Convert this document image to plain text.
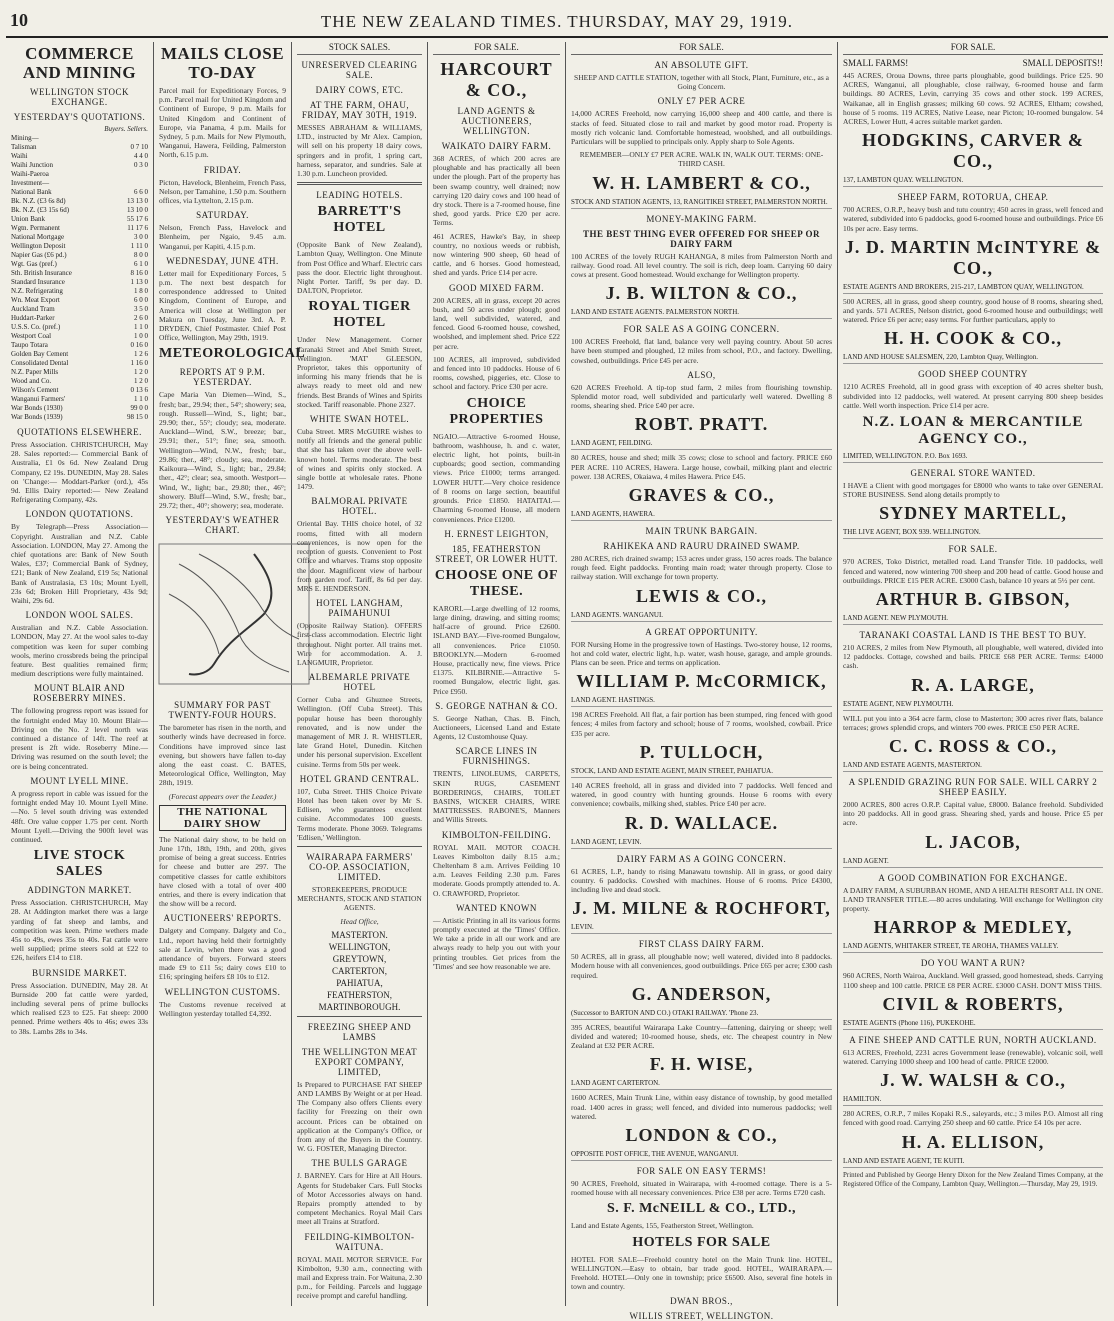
10	THE NEW ZEALAND TIMES. THURSDAY, MAY 29, 1919.
COMMERCE AND MINING
WELLINGTON STOCK EXCHANGE.
YESTERDAY'S QUOTATIONS.
Buyers. Sellers.
Mining—
Talisman	0 7 10
Waihi	4 4 0
Waihi Junction	0 3 0
Waihi-Paeroa
Investment—
National Bank	6 6 0
Bk. N.Z. (£3 6s 8d)	13 13 0
Bk. N.Z. (£3 15s 6d)	13 10 0
Union Bank	55 17 6
Wgtn. Permanent	11 17 6
National Mortgage	3 0 0
Wellington Deposit	1 11 0
Napier Gas (£6 pd.)	8 0 0
Wgt. Gas (pref.)	6 1 0
Sth. British Insurance	8 16 0
Standard Insurance	1 13 0
N.Z. Refrigerating	1 8 0
Wn. Meat Export	6 0 0
Auckland Tram	3 5 0
Huddart-Parker	2 6 0
U.S.S. Co. (pref.)	1 1 0
Westport Coal	1 0 0
Taupo Totara	0 16 0
Golden Bay Cement	1 2 6
Consolidated Dental	1 16 0
N.Z. Paper Mills	1 2 0
Wood and Co.	1 2 0
Wilson's Cement	0 13 6
Wanganui Farmers'	1 1 0
War Bonds (1930)	99 0 0
War Bonds (1939)	98 15 0
QUOTATIONS ELSEWHERE.

Press Association. CHRISTCHURCH, May 28. Sales reported:— Commercial Bank of Australia, £1 0s 6d. New Zealand Drug Company, £2 19s. DUNEDIN, May 28. Sales on 'Change:— Moddart-Parker (ord.), 45s 9d. Ellis Dairy reported:— New Zealand Refrigerating Company, 42s.

LONDON QUOTATIONS.

By Telegraph—Press Association—Copyright. Australian and N.Z. Cable Association. LONDON, May 27. Among the chief quotations are: Bank of New South Wales, £37; Commercial Bank of Sydney, £21; Bank of New Zealand, £19 5s; National Bank of Australasia, £3 10s; Mount Lyell, 23s 6d; Broken Hill Proprietary, 43s 9d; Waihi, 29s 6d.

LONDON WOOL SALES.

Australian and N.Z. Cable Association. LONDON, May 27. At the wool sales to-day competition was keen for super combing wools, merino crossbreds being the principal feature. Best qualities remained firm; medium descriptions were fully maintained.

MOUNT BLAIR AND ROSEBERRY MINES.

The following progress report was issued for the fortnight ended May 10. Mount Blair—Driving on the No. 2 level north was continued a distance of 14ft. The reef at present is 2ft wide. Roseberry Mine.—Driving was resumed on the south level; the ore is being concentrated.

MOUNT LYELL MINE.

A progress report in cable was issued for the fortnight ended May 10. Mount Lyell Mine.—No. 5 level south driving was extended 48ft. Ore value copper 1.75 per cent. North Mount Lyell.—Driving the 900ft level was continued.

LIVE STOCK SALES
ADDINGTON MARKET.

Press Association. CHRISTCHURCH, May 28. At Addington market there was a large yarding of fat sheep and lambs, and competition was keen. Prime wethers made 45s to 49s, ewes 35s to 40s. Fat cattle were well supplied; prime steers sold at £22 to £26, heifers £14 to £18.

BURNSIDE MARKET.

Press Association. DUNEDIN, May 28. At Burnside 200 fat cattle were yarded, including several pens of prime bullocks which realised £23 to £25. Fat sheep: 2000 penned. Prime wethers 40s to 46s; ewes 33s to 38s. Lambs 28s to 34s.

MAILS CLOSE TO-DAY

Parcel mail for Expeditionary Forces, 9 p.m. Parcel mail for United Kingdom and Continent of Europe, 9 p.m. Mails for United Kingdom and Continent of Europe, via Panama, 4 p.m. Mails for Sydney, 5 p.m. Mails for New Plymouth, Wanganui, Hawera, Feilding, Palmerston North, 6.15 p.m.

FRIDAY.

Picton, Havelock, Blenheim, French Pass, Nelson, per Tamahine, 1.50 p.m. Southern offices, via Lyttelton, 2.15 p.m.

SATURDAY.

Nelson, French Pass, Havelock and Blenheim, per Ngaio, 9.45 a.m. Wanganui, per Kapiti, 4.15 p.m.

WEDNESDAY, JUNE 4TH.

Letter mail for Expeditionary Forces, 5 p.m. The next best despatch for correspondence addressed to United Kingdom, Continent of Europe, and America will close at Wellington per Makura on Tuesday, June 3rd. A. P. DRYDEN, Chief Postmaster. Chief Post Office, Wellington, May 29th, 1919.

METEOROLOGICAL
REPORTS AT 9 P.M. YESTERDAY.

Cape Maria Van Diemen—Wind, S., fresh; bar., 29.94; ther., 54°; showery; sea, rough. Russell—Wind, S., light; bar., 29.90; ther., 55°; cloudy; sea, moderate. Auckland—Wind, S.W., breeze; bar., 29.91; ther., 51°; fine; sea, smooth. Wellington—Wind, N.W., fresh; bar., 29.86; ther., 48°; cloudy; sea, moderate. Kaikoura—Wind, S., light; bar., 29.84; ther., 42°; clear; sea, smooth. Westport—Wind, W., light; bar., 29.80; ther., 46°; showery. Bluff—Wind, S.W., fresh; bar., 29.72; ther., 40°; showery; sea, moderate.

YESTERDAY'S WEATHER CHART.
SUMMARY FOR PAST TWENTY-FOUR HOURS.

The barometer has risen in the north, and southerly winds have decreased in force. Conditions have improved since last evening, but showers have fallen to-day along the east coast. C. BATES, Meteorological Office, Wellington, May 28th, 1919.

(Forecast appears over the Leader.)

THE NATIONAL DAIRY SHOW

The National dairy show, to be held on June 17th, 18th, 19th, and 20th, gives promise of being a great success. Entries for cheese and butter are 297. The competitive classes for cattle exhibitors have closed with a total of over 400 entries, and there is every indication that the show will be a record.

AUCTIONEERS' REPORTS.

Dalgety and Company. Dalgety and Co., Ltd., report having held their fortnightly sale at Levin, when there was a good attendance of buyers. Forward steers made £9 to £11 5s; dairy cows £10 to £16; springing heifers £8 10s to £12.

WELLINGTON CUSTOMS.

The Customs revenue received at Wellington yesterday totalled £4,392.

STOCK SALES.
UNRESERVED CLEARING SALE.
DAIRY COWS, ETC.
AT THE FARM, OHAU, FRIDAY, MAY 30TH, 1919.

MESSES ABRAHAM & WILLIAMS, LTD., instructed by Mr Alex. Campion, will sell on his property 18 dairy cows, springers and in profit, 1 spring cart, harness, separator, and sundries. Sale at 1.30 p.m. Luncheon provided.

LEADING HOTELS.
BARRETT'S HOTEL

(Opposite Bank of New Zealand), Lambton Quay, Wellington. One Minute from Post Office and Wharf. Electric cars pass the door. Electric light throughout. Night Porter. Tariff, 9s per day. D. DALTON, Proprietor.

ROYAL TIGER HOTEL

Under New Management. Corner Taranaki Street and Abel Smith Street, Wellington. 'MAT' GLEESON, Proprietor, takes this opportunity of informing his many friends that he is always ready to meet old and new friends. Best Brands of Wines and Spirits stocked. Tariff reasonable. Phone 2327.

WHITE SWAN HOTEL.

Cuba Street. MRS McGUIRE wishes to notify all friends and the general public that she has taken over the above well-known hotel. Terms moderate. The best of wines and spirits only stocked. A single bottle at wholesale rates. Phone 1479.

BALMORAL PRIVATE HOTEL.

Oriental Bay. THIS choice hotel, of 32 rooms, fitted with all modern conveniences, is now open for the reception of guests. Convenient to Post Office and wharves. Trams stop opposite the door. Magnificent view of harbour from garden roof. Tariff, 8s 6d per day. MRS E. HENDERSON.

HOTEL LANGHAM, PAIMAHUNUI

(Opposite Railway Station). OFFERS first-class accommodation. Electric light throughout. Night porter. All trains met. Wire for accommodation. A. J. LANGMUIR, Proprietor.

ALBEMARLE PRIVATE HOTEL

Corner Cuba and Ghuznee Streets, Wellington. (Off Cuba Street). This popular house has been thoroughly renovated, and is now under the management of MR J. R. WHISTLER, late Grand Hotel, Dunedin. Kitchen under his personal supervision. Excellent cuisine. Terms from 50s per week.

HOTEL GRAND CENTRAL.

107, Cuba Street. THIS Choice Private Hotel has been taken over by Mr S. Edlisen, who guarantees excellent cuisine. Accommodates 100 guests. Terms moderate. Phone 3069. Telegrams 'Edlisen,' Wellington.

WAIRARAPA FARMERS' CO-OP. ASSOCIATION, LIMITED.

STOREKEEPERS, PRODUCE MERCHANTS, STOCK AND STATION AGENTS.

Head Office,

MASTERTON.
WELLINGTON,
GREYTOWN,
CARTERTON,
PAHIATUA,
FEATHERSTON,
MARTINBOROUGH.
FREEZING SHEEP AND LAMBS
THE WELLINGTON MEAT EXPORT COMPANY, LIMITED,

Is Prepared to PURCHASE FAT SHEEP AND LAMBS By Weight or at per Head. The Company also offers Clients every facility for Freezing on their own account. Prices can be obtained on application at the Company's Office, or from any of the Buyers in the Country. W. G. FOSTER, Managing Director.

THE BULLS GARAGE

J. BARNEY. Cars for Hire at All Hours. Agents for Studebaker Cars. Full Stocks of Motor Accessories always on hand. Repairs promptly attended to by competent Mechanics. Royal Mail Cars meet all Trains at Stratford.

FEILDING-KIMBOLTON-WAITUNA.

ROYAL MAIL MOTOR SERVICE. For Kimbolton, 9.30 a.m., connecting with mail and Express train. For Waituna, 2.30 p.m., for Feilding. Parcels and luggage receive prompt and careful handling.

FOR SALE.
HARCOURT & CO.,
LAND AGENTS & AUCTIONEERS, WELLINGTON.
WAIKATO DAIRY FARM.

368 ACRES, of which 200 acres are ploughable and has practically all been under the plough. Part of the property has been swamp country, well drained; now carrying 120 dairy cows and 100 head of dry stock. There is a 7-roomed house, fine shed, good yards. Price £20 per acre. Terms.

461 ACRES, Hawke's Bay, in sheep country, no noxious weeds or rubbish, now wintering 900 sheep, 60 head of cattle, and 6 horses. Good homestead, shed and yards. Price £14 per acre.

GOOD MIXED FARM.

200 ACRES, all in grass, except 20 acres bush, and 50 acres under plough; good land, well subdivided, watered, and fenced. Good 6-roomed house, cowshed, woolshed, and implement shed. Price £22 per acre.

100 ACRES, all improved, subdivided and fenced into 10 paddocks. House of 6 rooms, cowshed, piggeries, etc. Close to school and factory. Price £30 per acre.

CHOICE PROPERTIES

NGAIO.—Attractive 6-roomed House, bathroom, washhouse, h. and c. water, electric light, hot points, built-in cupboards; good section, commanding views. Price £1000; terms arranged. LOWER HUTT.—Very choice residence of 8 rooms on large section, beautiful grounds. Price £1850. HATAITAI.—Charming 6-roomed House, all modern conveniences. Price £1200.

H. ERNEST LEIGHTON,
185, FEATHERSTON STREET, OR LOWER HUTT.
CHOOSE ONE OF THESE.

KARORI.—Large dwelling of 12 rooms, large dining, drawing, and sitting rooms; half-acre of ground. Price £2600. ISLAND BAY.—Five-roomed Bungalow, all conveniences. Price £1050. BROOKLYN.—Modern 6-roomed House, practically new, fine views. Price £1375. KILBIRNIE.—Attractive 5-roomed Bungalow, electric light, gas. Price £950.

S. GEORGE NATHAN & CO.

S. George Nathan, Chas. B. Finch, Auctioneers, Licensed Land and Estate Agents, 12 Customhouse Quay.

SCARCE LINES IN FURNISHINGS.

TRENTS, LINOLEUMS, CARPETS, SKIN RUGS, CASEMENT BORDERINGS, CHAIRS, TOILET BASINS, WICKER CHAIRS, WIRE MATTRESSES. RABONE'S, Manners and Willis Streets.

KIMBOLTON-FEILDING.

ROYAL MAIL MOTOR COACH. Leaves Kimbolton daily 8.15 a.m.; Cheltenham 8 a.m. Arrives Feilding 10 a.m. Leaves Feilding 2.30 p.m. Fares moderate. Goods promptly attended to. A. O. CRAWFORD, Proprietor.

WANTED KNOWN

— Artistic Printing in all its various forms promptly executed at the 'Times' Office. We take a pride in all our work and are always ready to help you out with your printing troubles. Get prices from the 'Times' and see how reasonable we are.

FOR SALE.
AN ABSOLUTE GIFT.

SHEEP AND CATTLE STATION, together with all Stock, Plant, Furniture, etc., as a Going Concern.

ONLY £7 PER ACRE

14,000 ACRES Freehold, now carrying 16,000 sheep and 400 cattle, and there is stacks of feed. Situated close to rail and market by good motor road. Property is mostly rich volcanic land. Comfortable homestead, woolshed, and all outbuildings. Particulars will be supplied to principals only. Apply sharp to Sole Agents.

REMEMBER—ONLY £7 PER ACRE. WALK IN, WALK OUT. TERMS: ONE-THIRD CASH.

W. H. LAMBERT & CO.,
STOCK AND STATION AGENTS, 13, RANGITIKEI STREET, PALMERSTON NORTH.
MONEY-MAKING FARM.
THE BEST THING EVER OFFERED FOR SHEEP OR DAIRY FARM

100 ACRES of the lovely RUGH KAHANGA, 8 miles from Palmerston North and railway. Good road. All level country. The soil is rich, deep loam. Carrying 60 dairy cows at present. Good homestead. Would exchange for Wellington property.

J. B. WILTON & CO.,
LAND AND ESTATE AGENTS. PALMERSTON NORTH.
FOR SALE AS A GOING CONCERN.

100 ACRES Freehold, flat land, balance very well paying country. About 50 acres have been stumped and ploughed, 12 miles from school, P.O., and factory. Dwelling, cowshed, outbuildings. Price £45 per acre.

ALSO,

620 ACRES Freehold. A tip-top stud farm, 2 miles from flourishing township. Splendid motor road, well subdivided and particularly well watered. Dwelling 8 rooms, shearing shed. Price £40 per acre.

ROBT. PRATT.
LAND AGENT, FEILDING.

80 ACRES, house and shed; milk 35 cows; close to school and factory. PRICE £60 PER ACRE. 110 ACRES, Hawera. Large house, cowbail, milking plant and electric power. 138 ACRES, Okaiawa, 4 miles Hawera. Price £45.

GRAVES & CO.,
LAND AGENTS, HAWERA.
MAIN TRUNK BARGAIN.
RAHIKEKA AND RAURU DRAINED SWAMP.

280 ACRES, rich drained swamp; 153 acres under grass, 150 acres roads. The balance rough feed. Eight paddocks. Fronting main road; water through property. Close to railway station. Will exchange for town property.

LEWIS & CO.,
LAND AGENTS. WANGANUI.
A GREAT OPPORTUNITY.

FOR Nursing Home in the progressive town of Hastings. Two-storey house, 12 rooms, hot and cold water, electric light, h.p. water, wash house, garage, and ample grounds. Plans can be seen. Price and terms on application.

WILLIAM P. McCORMICK,
LAND AGENT. HASTINGS.

198 ACRES Freehold. All flat, a fair portion has been stumped, ring fenced with good fences; 4 miles from factory and school; house of 7 rooms, woolshed, cowbail. Price £35 per acre.

P. TULLOCH,
STOCK, LAND AND ESTATE AGENT, MAIN STREET, PAHIATUA.

140 ACRES freehold, all in grass and divided into 7 paddocks. Well fenced and watered, in good country with hunting grounds. House 6 rooms with every convenience; cowbails, milking shed, stables. Price £40 per acre.

R. D. WALLACE.
LAND AGENT, LEVIN.
DAIRY FARM AS A GOING CONCERN.

61 ACRES, L.P., handy to rising Manawatu township. All in grass, or good dairy country. 6 paddocks. Cowshed with machines. House of 6 rooms. Price £4300, including live and dead stock.

J. M. MILNE & ROCHFORT,
LEVIN.
FIRST CLASS DAIRY FARM.

50 ACRES, all in grass, all ploughable now; well watered, divided into 8 paddocks. Modern house with all conveniences, good outbuildings. Price £65 per acre; £300 cash required.

G. ANDERSON,
(Successor to BARTON AND CO.) OTAKI RAILWAY. 'Phone 23.

395 ACRES, beautiful Wairarapa Lake Country—fattening, dairying or sheep; well divided and watered; 10-roomed house, sheds, etc. The cheapest country in New Zealand at £32 PER ACRE.

F. H. WISE,
LAND AGENT CARTERTON.

1600 ACRES, Main Trunk Line, within easy distance of township, by good metalled road. 1400 acres in grass; well fenced, and divided into numerous paddocks; well watered.

LONDON & CO.,
OPPOSITE POST OFFICE, THE AVENUE, WANGANUI.
FOR SALE ON EASY TERMS!

90 ACRES, Freehold, situated in Wairarapa, with 4-roomed cottage. There is a 5-roomed house with all necessary conveniences. Price £38 per acre. Terms £720 cash.

S. F. McNEILL & CO., LTD.,

Land and Estate Agents, 155, Featherston Street, Wellington.

HOTELS FOR SALE

HOTEL FOR SALE—Freehold country hotel on the Main Trunk line. HOTEL, WELLINGTON.—Easy to obtain, bar trade good. HOTEL, WAIRARAPA.—Freehold. HOTEL—Only one in township; price £6500. Also, several fine hotels in town and country.

DWAN BROS.,
WILLIS STREET, WELLINGTON.
FOR SALE.
SMALL FARMS!	SMALL DEPOSITS!!

445 ACRES, Oroua Downs, three parts ploughable, good buildings. Price £25. 90 ACRES, Wanganui, all ploughable, close railway, 6-roomed house and farm buildings. 80 ACRES, Levin, carrying 35 cows and other stock. 199 ACRES, Waikanae, all in English grasses; milking 60 cows. 92 ACRES, Eltham; cowshed, house of 5 rooms. 119 ACRES, Native Lease, near Picton; 10-roomed bungalow. 54 ACRES, Lower Hutt, 4 acres suitable market garden.

HODGKINS, CARVER & CO.,
137, LAMBTON QUAY. WELLINGTON.
SHEEP FARM, ROTORUA, CHEAP.

700 ACRES, O.R.P., heavy bush and tutu country; 450 acres in grass, well fenced and watered, subdivided into 6 paddocks, good 6-roomed house and outbuildings. Price £6 10s per acre. Easy terms.

J. D. MARTIN McINTYRE & CO.,
ESTATE AGENTS AND BROKERS, 215-217, LAMBTON QUAY, WELLINGTON.

500 ACRES, all in grass, good sheep country, good house of 8 rooms, shearing shed, and yards. 571 ACRES, Nelson district, good 6-roomed house and outbuildings; well watered. Price £6 per acre; easy terms. For further particulars, apply to

H. H. COOK & CO.,
LAND AND HOUSE SALESMEN, 220, Lambton Quay, Wellington.
GOOD SHEEP COUNTRY

1210 ACRES Freehold, all in good grass with exception of 40 acres shelter bush, subdivided into 12 paddocks, well watered. At present carrying 800 sheep besides cattle. Well worth inspection. Price £14 per acre.

N.Z. LOAN & MERCANTILE AGENCY CO.,
LIMITED, WELLINGTON. P.O. Box 1693.
GENERAL STORE WANTED.

I HAVE a Client with good mortgages for £8000 who wants to take over GENERAL STORE BUSINESS. Send along details promptly to

SYDNEY MARTELL,
THE LIVE AGENT, BOX 939. WELLINGTON.
FOR SALE.

970 ACRES, Toko District, metalled road. Land Transfer Title. 10 paddocks, well fenced and watered, now wintering 700 sheep and 200 head of cattle. Good house and outbuildings. PRICE £15 PER ACRE. £3000 Cash, balance 10 years at 5½ per cent.

ARTHUR B. GIBSON,
LAND AGENT. NEW PLYMOUTH.
TARANAKI COASTAL LAND IS THE BEST TO BUY.

210 ACRES, 2 miles from New Plymouth, all ploughable, well watered, divided into 12 paddocks. Cottage, cowshed and bails. PRICE £68 PER ACRE. Terms: £4000 cash.

R. A. LARGE,
ESTATE AGENT, NEW PLYMOUTH.

WILL put you into a 364 acre farm, close to Masterton; 300 acres river flats, balance terraces; grows splendid crops, and winters 700 ewes. PRICE £50 PER ACRE.

C. C. ROSS & CO.,
LAND AND ESTATE AGENTS, MASTERTON.
A SPLENDID GRAZING RUN FOR SALE. WILL CARRY 2 SHEEP EASILY.

2000 ACRES, 800 acres O.R.P. Capital value, £8000. Balance freehold. Subdivided into 20 paddocks. All in good grass. Shearing shed, yards and house. Price £5 per acre.

L. JACOB,
LAND AGENT.
A GOOD COMBINATION FOR EXCHANGE.

A DAIRY FARM, A SUBURBAN HOME, AND A HEALTH RESORT ALL IN ONE. LAND TRANSFER TITLE.—80 acres undulating. Will exchange for Wellington city property.

HARROP & MEDLEY,
LAND AGENTS, WHITAKER STREET, TE AROHA, THAMES VALLEY.
DO YOU WANT A RUN?

960 ACRES, North Wairoa, Auckland. Well grassed, good homestead, sheds. Carrying 1100 sheep and 100 cattle. PRICE £8 PER ACRE. £3000 CASH. DON'T MISS THIS.

CIVIL & ROBERTS,
ESTATE AGENTS (Phone 116), PUKEKOHE.
A FINE SHEEP AND CATTLE RUN, NORTH AUCKLAND.

613 ACRES, Freehold, 2231 acres Government lease (renewable), volcanic soil, well watered. Carrying 1000 sheep and 100 head of cattle. PRICE £2000.

J. W. WALSH & CO.,
HAMILTON.

280 ACRES, O.R.P., 7 miles Kopaki R.S., saleyards, etc.; 3 miles P.O. Almost all ring fenced with good road. Carrying 250 sheep and 60 cattle. Price £4 10s per acre.

H. A. ELLISON,
LAND AND ESTATE AGENT, TE KUITI.

Printed and Published by George Henry Dixon for the New Zealand Times Company, at the Registered Office of the Company, Lambton Quay, Wellington.—Thursday, May 29, 1919.
